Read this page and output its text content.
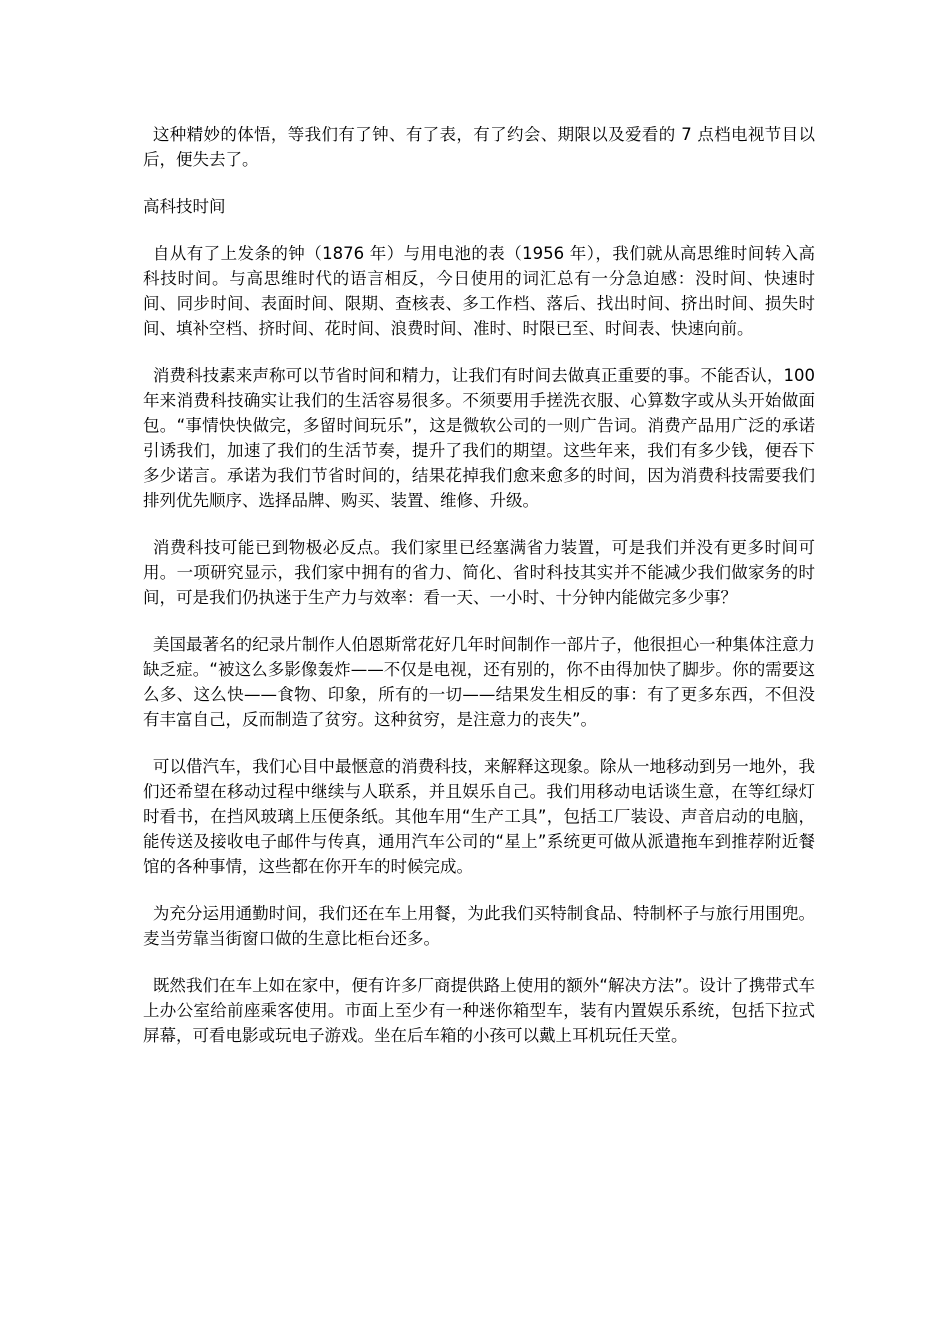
这种精妙的体悟，等我们有了钟、有了表，有了约会、期限以及爱看的 7 点档电视节目以后，便失去了。

高科技时间

自从有了上发条的钟（1876 年）与用电池的表（1956 年），我们就从高思维时间转入高科技时间。与高思维时代的语言相反，今日使用的词汇总有一分急迫感：没时间、快速时间、同步时间、表面时间、限期、查核表、多工作档、落后、找出时间、挤出时间、损失时间、填补空档、挤时间、花时间、浪费时间、准时、时限已至、时间表、快速向前。

消费科技素来声称可以节省时间和精力，让我们有时间去做真正重要的事。不能否认，100 年来消费科技确实让我们的生活容易很多。不须要用手搓洗衣服、心算数字或从头开始做面包。“事情快快做完，多留时间玩乐”，这是微软公司的一则广告词。消费产品用广泛的承诺引诱我们，加速了我们的生活节奏，提升了我们的期望。这些年来，我们有多少钱，便吞下多少诺言。承诺为我们节省时间的，结果花掉我们愈来愈多的时间，因为消费科技需要我们排列优先顺序、选择品牌、购买、装置、维修、升级。

消费科技可能已到物极必反点。我们家里已经塞满省力装置，可是我们并没有更多时间可用。一项研究显示，我们家中拥有的省力、简化、省时科技其实并不能减少我们做家务的时间，可是我们仍执迷于生产力与效率：看一天、一小时、十分钟内能做完多少事？

美国最著名的纪录片制作人伯恩斯常花好几年时间制作一部片子，他很担心一种集体注意力缺乏症。“被这么多影像轰炸——不仅是电视，还有别的，你不由得加快了脚步。你的需要这么多、这么快——食物、印象，所有的一切——结果发生相反的事：有了更多东西，不但没有丰富自己，反而制造了贫穷。这种贫穷，是注意力的丧失”。

可以借汽车，我们心目中最惬意的消费科技，来解释这现象。除从一地移动到另一地外，我们还希望在移动过程中继续与人联系，并且娱乐自己。我们用移动电话谈生意，在等红绿灯时看书，在挡风玻璃上压便条纸。其他车用“生产工具”，包括工厂装设、声音启动的电脑，能传送及接收电子邮件与传真，通用汽车公司的“星上”系统更可做从派遣拖车到推荐附近餐馆的各种事情，这些都在你开车的时候完成。

为充分运用通勤时间，我们还在车上用餐，为此我们买特制食品、特制杯子与旅行用围兜。麦当劳靠当街窗口做的生意比柜台还多。

既然我们在车上如在家中，便有许多厂商提供路上使用的额外“解决方法”。设计了携带式车上办公室给前座乘客使用。市面上至少有一种迷你箱型车，装有内置娱乐系统，包括下拉式屏幕，可看电影或玩电子游戏。坐在后车箱的小孩可以戴上耳机玩任天堂。
